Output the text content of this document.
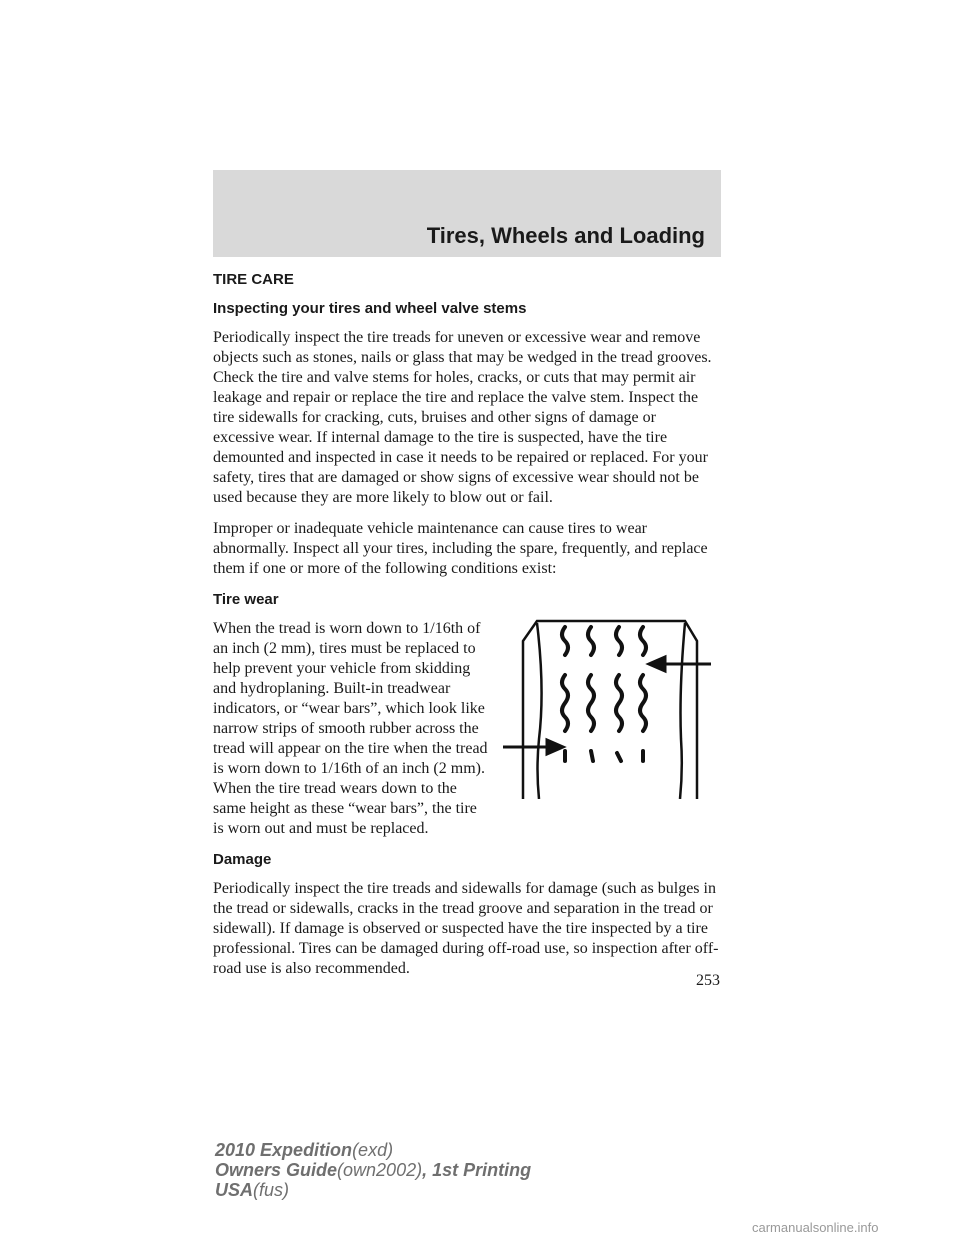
Tires, Wheels and Loading
TIRE CARE
Inspecting your tires and wheel valve stems

Periodically inspect the tire treads for uneven or excessive wear and remove objects such as stones, nails or glass that may be wedged in the tread grooves. Check the tire and valve stems for holes, cracks, or cuts that may permit air leakage and repair or replace the tire and replace the valve stem. Inspect the tire sidewalls for cracking, cuts, bruises and other signs of damage or excessive wear. If internal damage to the tire is suspected, have the tire demounted and inspected in case it needs to be repaired or replaced. For your safety, tires that are damaged or show signs of excessive wear should not be used because they are more likely to blow out or fail.

Improper or inadequate vehicle maintenance can cause tires to wear abnormally. Inspect all your tires, including the spare, frequently, and replace them if one or more of the following conditions exist:

Tire wear

When the tread is worn down to 1/16th of an inch (2 mm), tires must be replaced to help prevent your vehicle from skidding and hydroplaning. Built-in treadwear indicators, or “wear bars”, which look like narrow strips of smooth rubber across the tread will appear on the tire when the tread is worn down to 1/16th of an inch (2 mm). When the tire tread wears down to the same height as these “wear bars”, the tire is worn out and must be replaced.

Damage

Periodically inspect the tire treads and sidewalls for damage (such as bulges in the tread or sidewalls, cracks in the tread groove and separation in the tread or sidewall). If damage is observed or suspected have the tire inspected by a tire professional. Tires can be damaged during off-road use, so inspection after off-road use is also recommended.

253
2010 Expedition(exd)
Owners Guide(own2002), 1st Printing
USA(fus)
carmanualsonline.info
